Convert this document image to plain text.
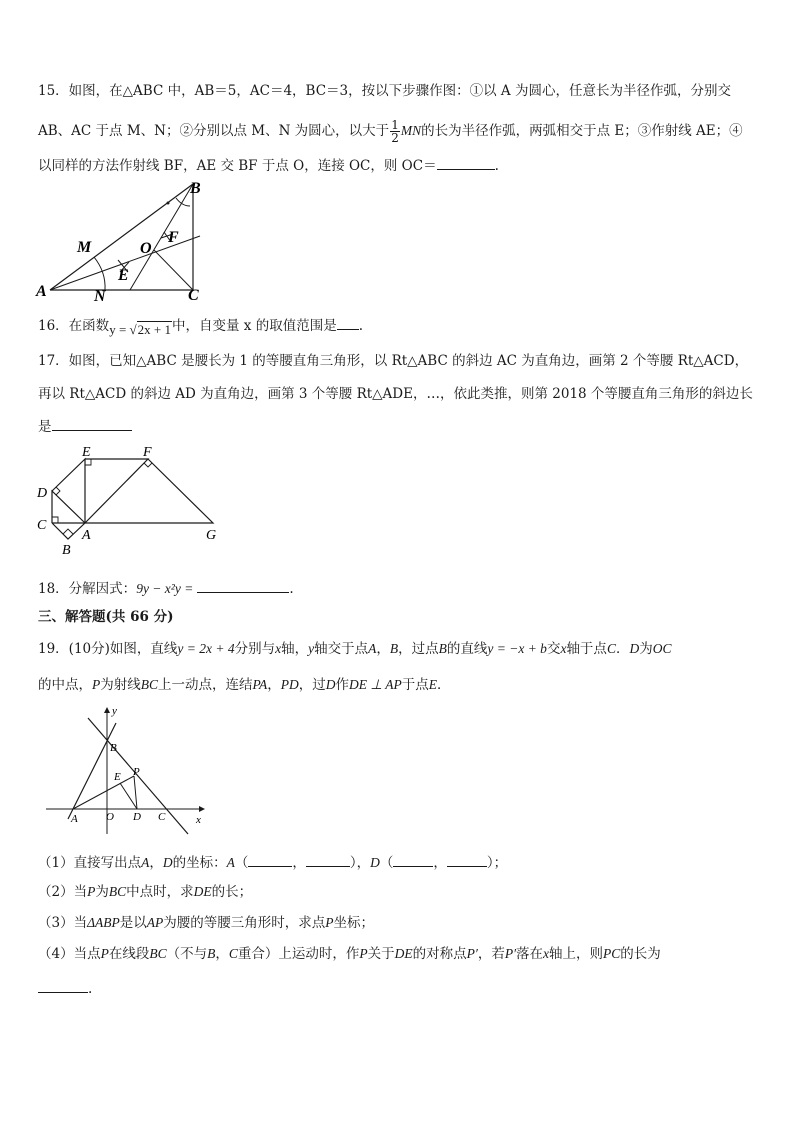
15．如图，在△ABC 中，AB＝5，AC＝4，BC＝3，按以下步骤作图：①以 A 为圆心，任意长为半径作弧，分别交
AB、AC 于点 M、N；②分别以点 M、N 为圆心，以大于 $\frac{1}{2}$ MN的长为半径作弧，两弧相交于点 E；③作射线 AE；④
以同样的方法作射线 BF，AE 交 BF 于点 O，连接 OC，则 OC＝	.
A
B
C
M
N
O
E
F
16．在函数y = √2x + 1中，自变量 x 的取值范围是 .
17．如图，已知△ABC 是腰长为 1 的等腰直角三角形，以 Rt△ABC 的斜边 AC 为直角边，画第 2 个等腰 Rt△ACD，
再以 Rt△ACD 的斜边 AD 为直角边，画第 3 个等腰 Rt△ADE，…，依此类推，则第 2018 个等腰直角三角形的斜边长
是
A
B
C
D
E	F
G
18．分解因式：9y − x²y =	.
三、解答题(共 66 分)
19．(10分)如图，直线y = 2x + 4分别与x轴，y轴交于点A，B，过点B的直线y = −x + b交x轴于点C．D为OC
的中点，P为射线BC上一动点，连结PA，PD，过D作DE ⊥ AP于点E．
y
x
B
E P
A	O D C
（1）直接写出点A，D的坐标：A（	，	），D（	，	）；
（2）当P为BC中点时，求DE的长；
（3）当ΔABP是以AP为腰的等腰三角形时，求点P坐标；
（4）当点P在线段BC（不与B，C重合）上运动时，作P关于DE的对称点P′，若P′落在x轴上，则PC的长为
.
